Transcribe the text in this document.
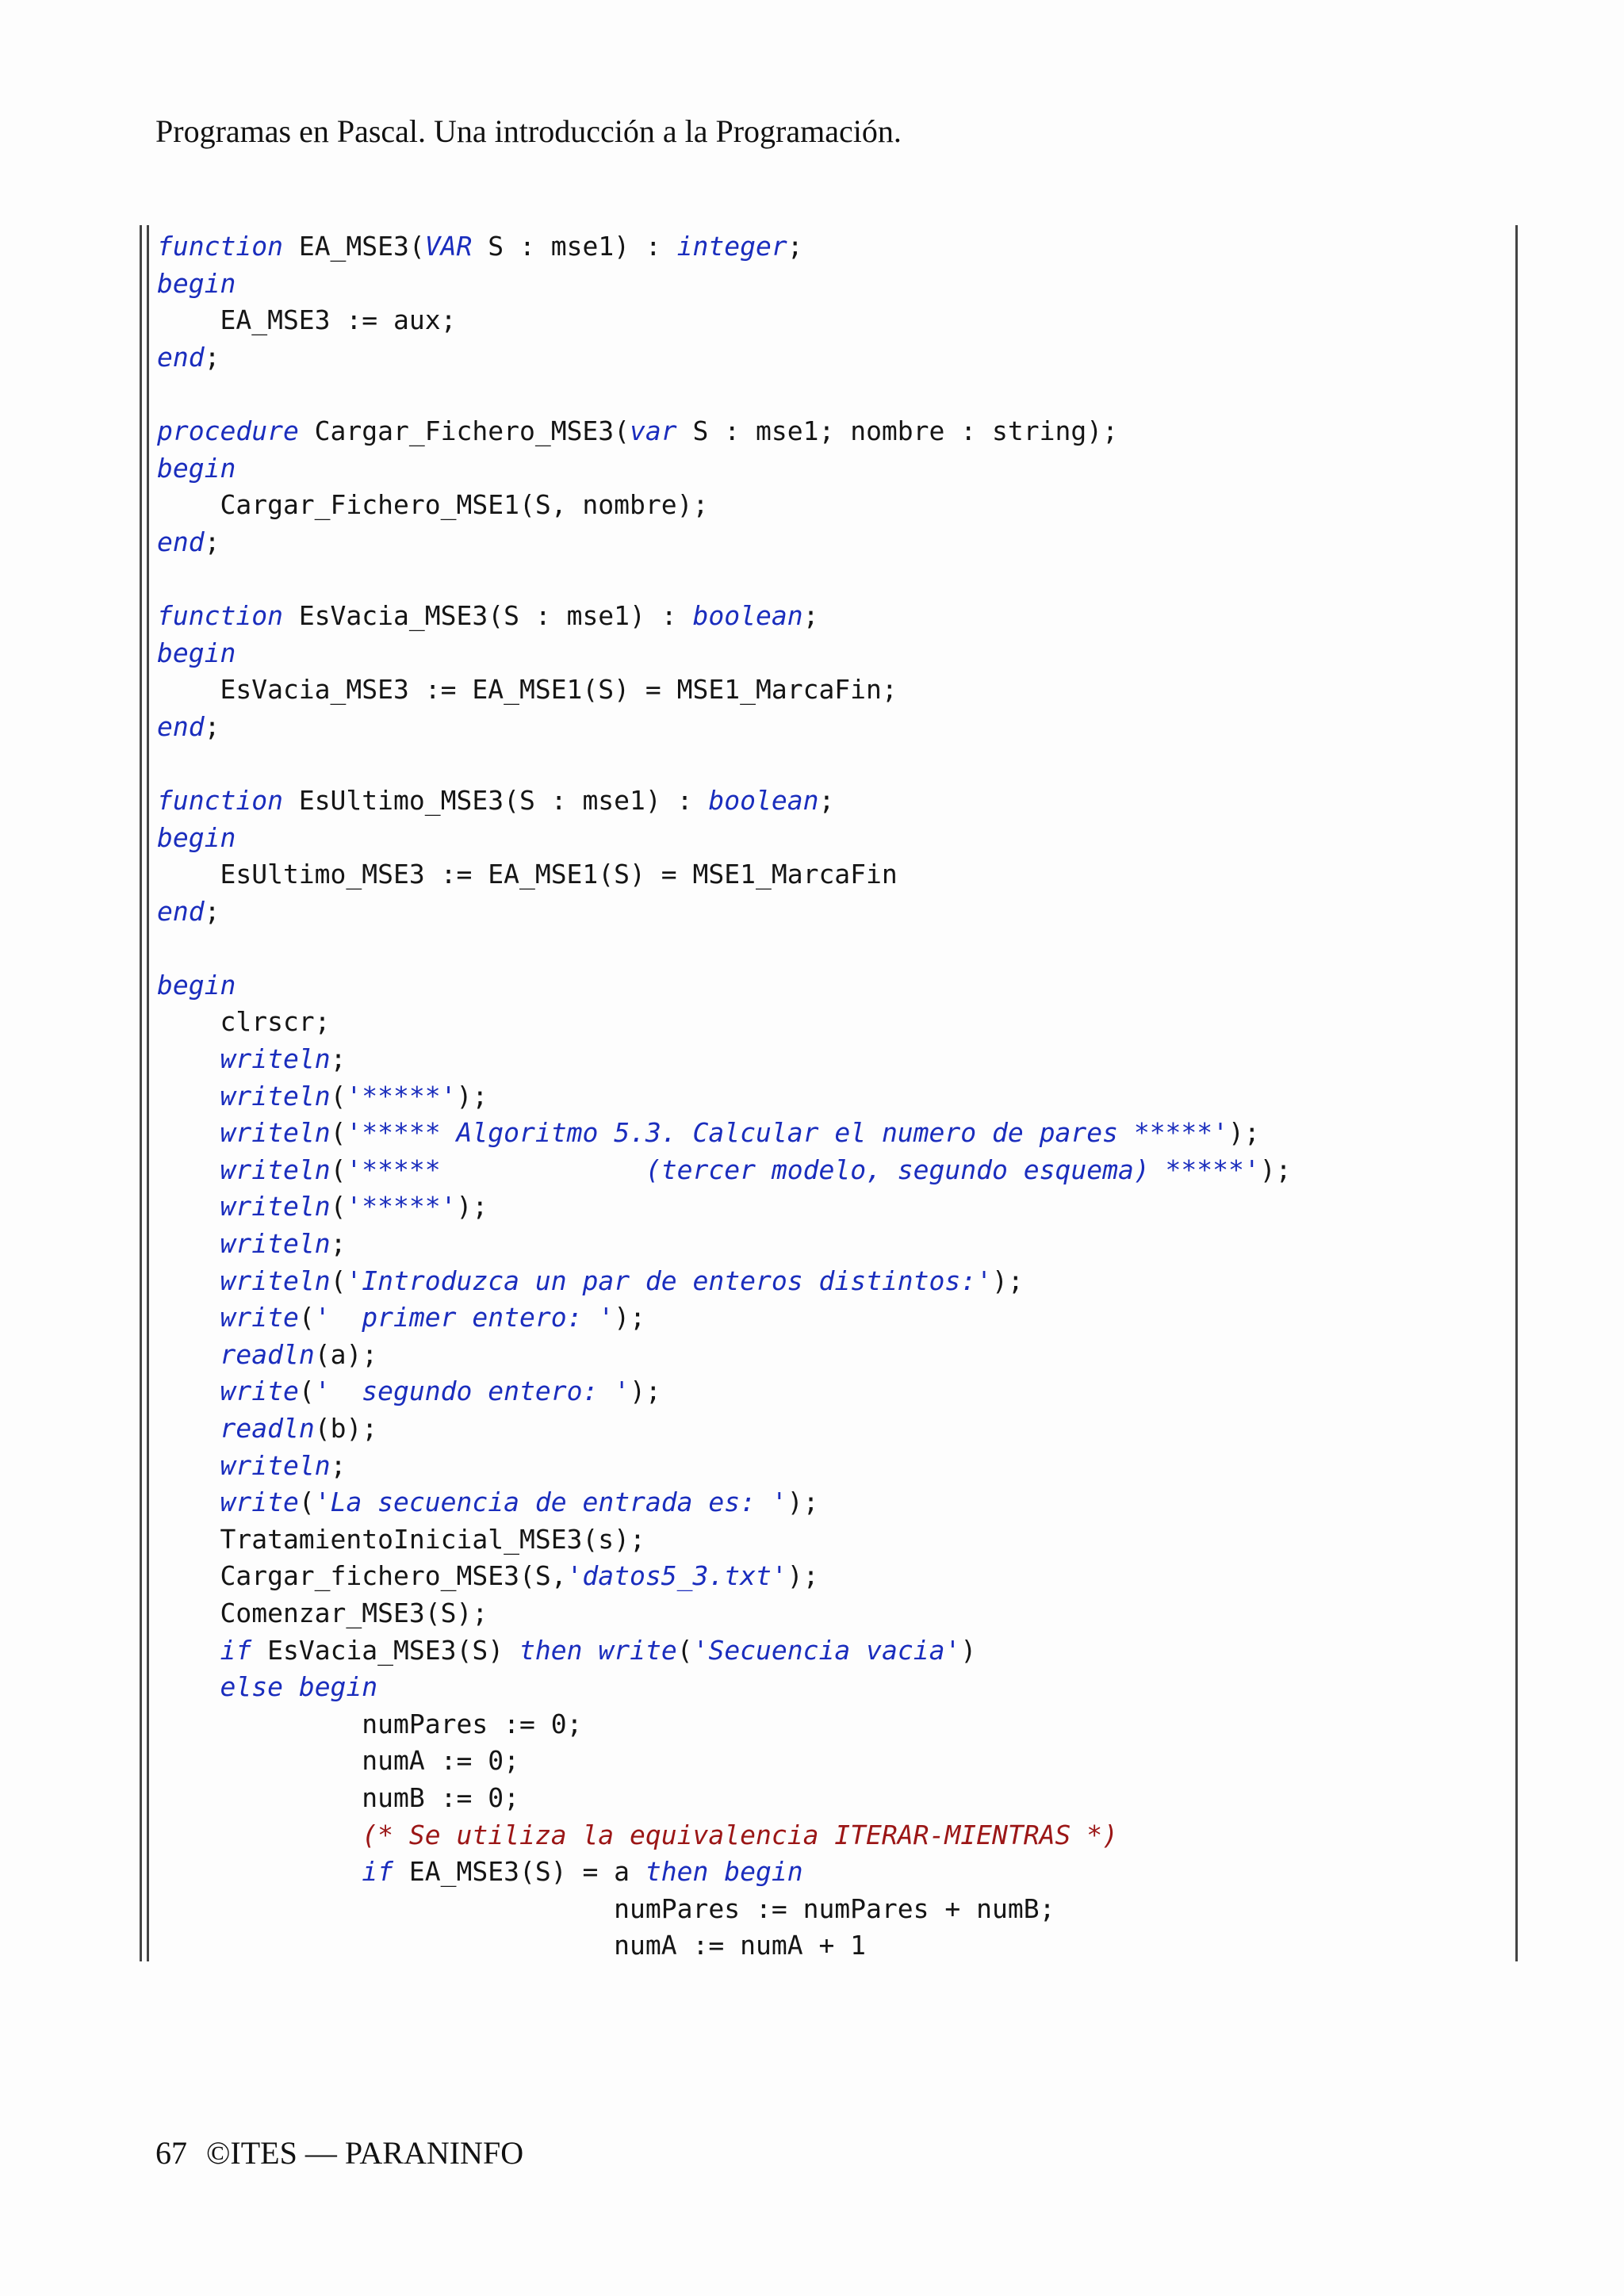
Programas en Pascal. Una introducción a la Programación.
function EA_MSE3(VAR S : mse1) : integer;
begin
EA_MSE3 := aux;
end;

procedure Cargar_Fichero_MSE3(var S : mse1; nombre : string);
begin
Cargar_Fichero_MSE1(S, nombre);
end;

function EsVacia_MSE3(S : mse1) : boolean;
begin
EsVacia_MSE3 := EA_MSE1(S) = MSE1_MarcaFin;
end;

function EsUltimo_MSE3(S : mse1) : boolean;
begin
EsUltimo_MSE3 := EA_MSE1(S) = MSE1_MarcaFin
end;

begin
clrscr;
writeln;
writeln('*****');
writeln('***** Algoritmo 5.3. Calcular el numero de pares *****');
writeln('*****             (tercer modelo, segundo esquema) *****');
writeln('*****');
writeln;
writeln('Introduzca un par de enteros distintos:');
write('  primer entero: ');
readln(a);
write('  segundo entero: ');
readln(b);
writeln;
write('La secuencia de entrada es: ');
TratamientoInicial_MSE3(s);
Cargar_fichero_MSE3(S,'datos5_3.txt');
Comenzar_MSE3(S);
if EsVacia_MSE3(S) then write('Secuencia vacia')
else begin
numPares := 0;
numA := 0;
numB := 0;
(* Se utiliza la equivalencia ITERAR-MIENTRAS *)
if EA_MSE3(S) = a then begin
numPares := numPares + numB;
numA := numA + 1
67 ©ITES — PARANINFO
